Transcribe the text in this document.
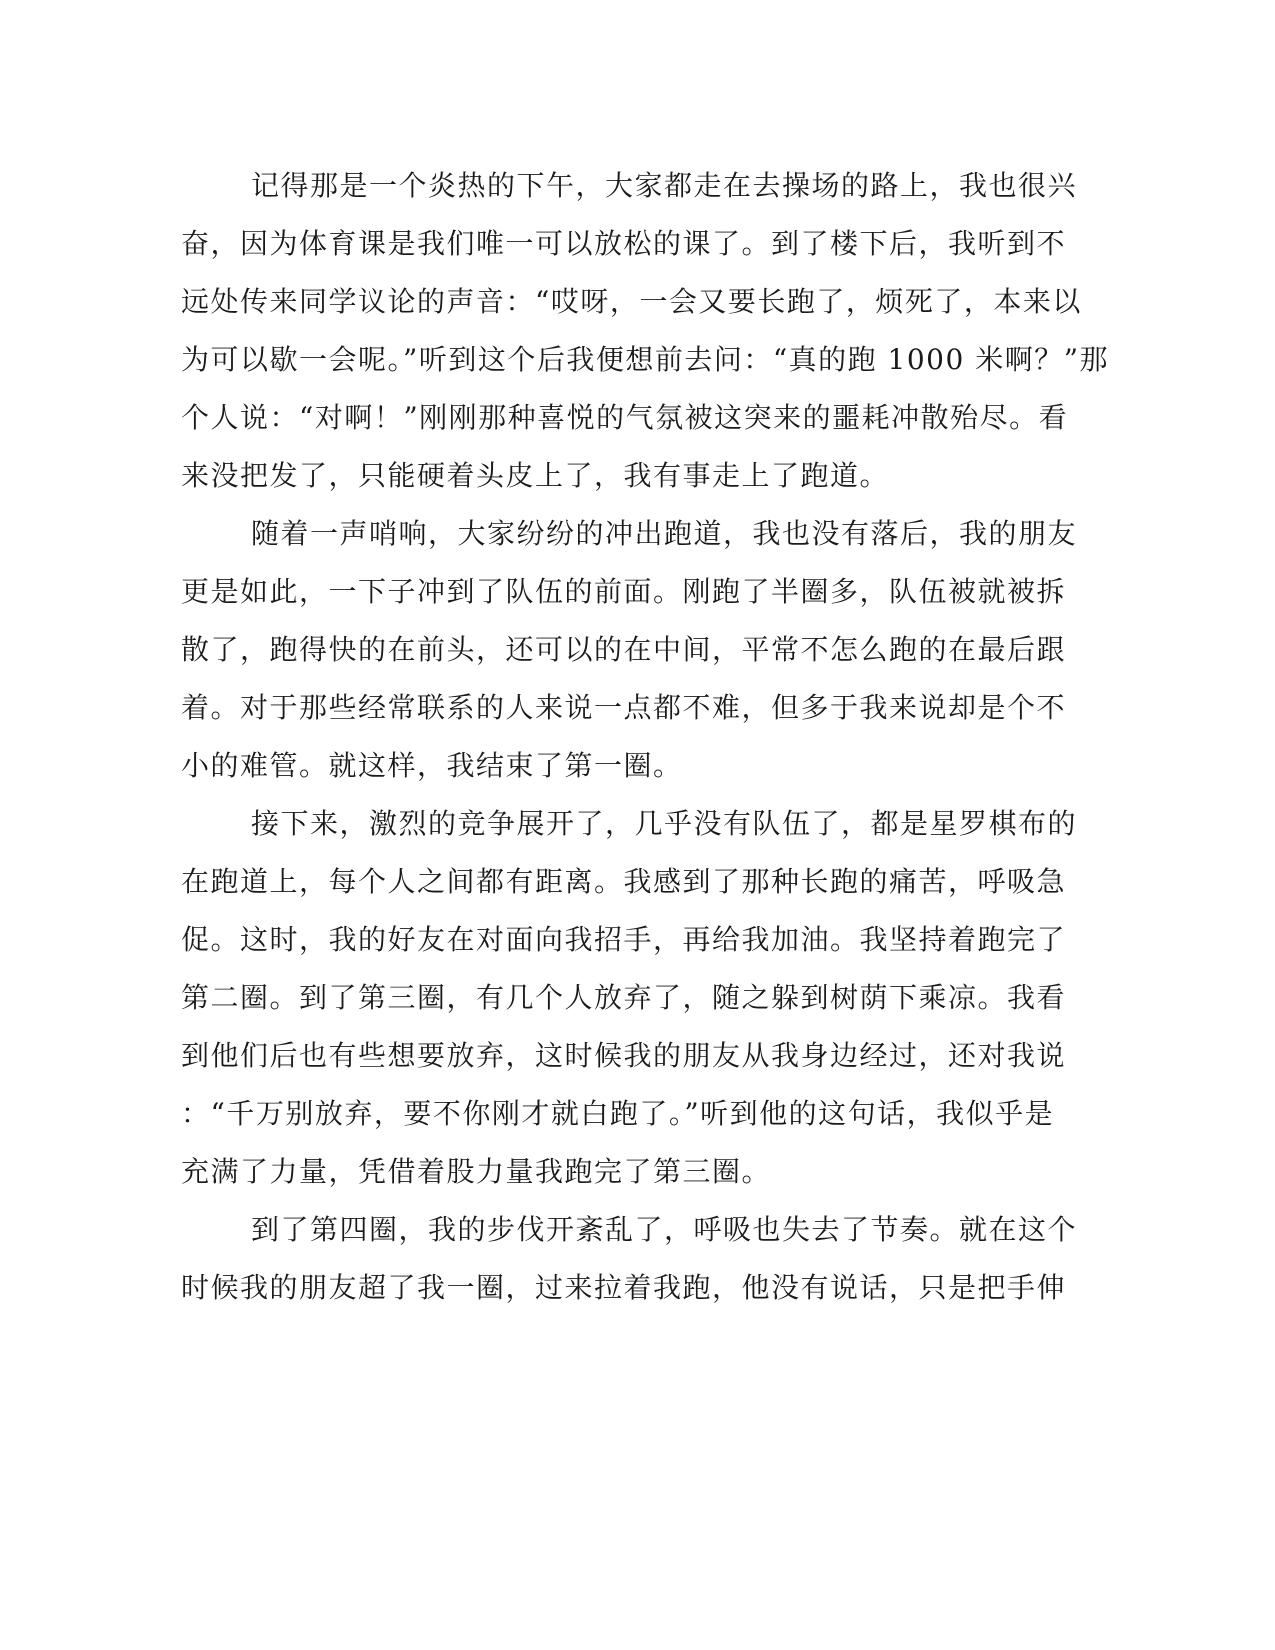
记得那是一个炎热的下午，大家都走在去操场的路上，我也很兴
奋，因为体育课是我们唯一可以放松的课了。到了楼下后，我听到不
远处传来同学议论的声音：“哎呀，一会又要长跑了，烦死了，本来以
为可以歇一会呢。”听到这个后我便想前去问：“真的跑 1000 米啊？”那
个人说：“对啊！”刚刚那种喜悦的气氛被这突来的噩耗冲散殆尽。看
来没把发了，只能硬着头皮上了，我有事走上了跑道。
随着一声哨响，大家纷纷的冲出跑道，我也没有落后，我的朋友
更是如此，一下子冲到了队伍的前面。刚跑了半圈多，队伍被就被拆
散了，跑得快的在前头，还可以的在中间，平常不怎么跑的在最后跟
着。对于那些经常联系的人来说一点都不难，但多于我来说却是个不
小的难管。就这样，我结束了第一圈。
接下来，激烈的竞争展开了，几乎没有队伍了，都是星罗棋布的
在跑道上，每个人之间都有距离。我感到了那种长跑的痛苦，呼吸急
促。这时，我的好友在对面向我招手，再给我加油。我坚持着跑完了
第二圈。到了第三圈，有几个人放弃了，随之躲到树荫下乘凉。我看
到他们后也有些想要放弃，这时候我的朋友从我身边经过，还对我说
：“千万别放弃，要不你刚才就白跑了。”听到他的这句话，我似乎是
充满了力量，凭借着股力量我跑完了第三圈。
到了第四圈，我的步伐开紊乱了，呼吸也失去了节奏。就在这个
时候我的朋友超了我一圈，过来拉着我跑，他没有说话，只是把手伸
